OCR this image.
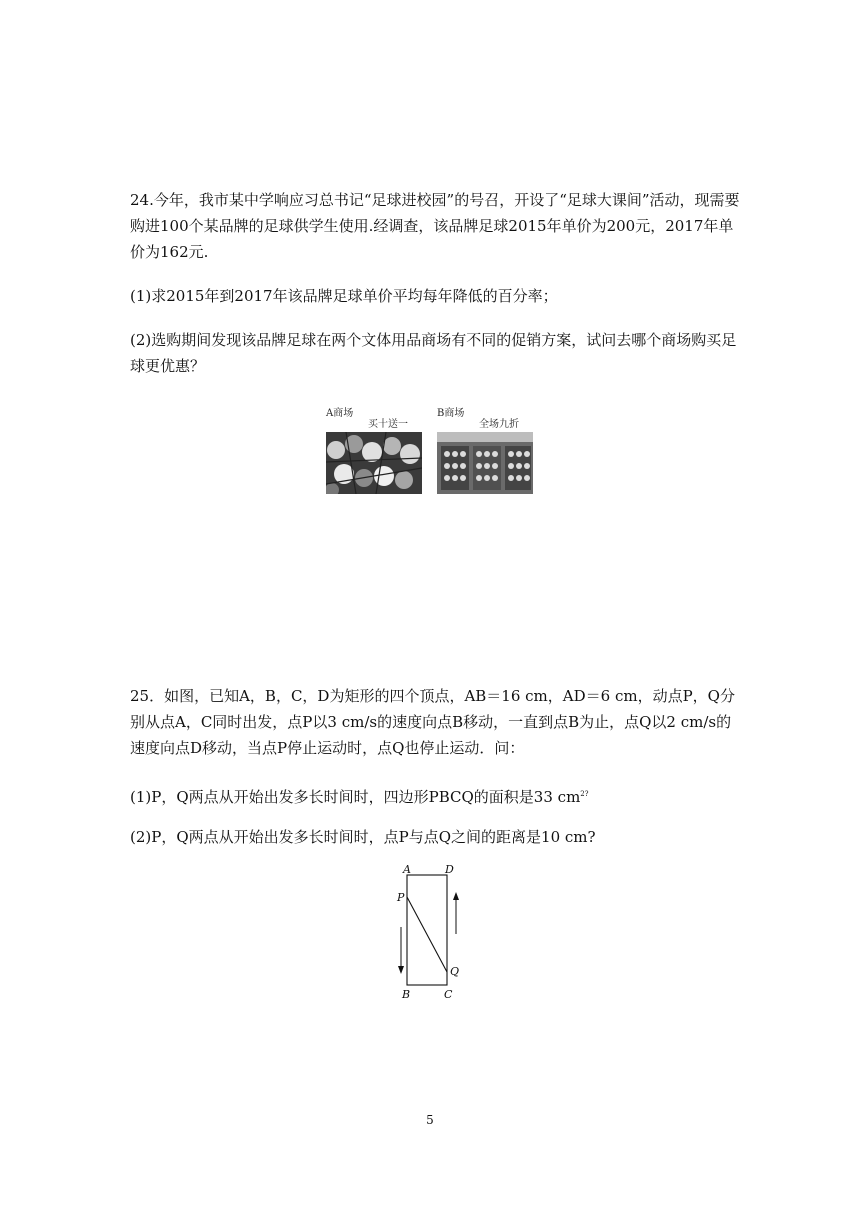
24.今年，我市某中学响应习总书记“足球进校园”的号召，开设了“足球大课间”活动，现需要购进100个某品牌的足球供学生使用.经调查，该品牌足球2015年单价为200元，2017年单价为162元.

(1)求2015年到2017年该品牌足球单价平均每年降低的百分率；

(2)选购期间发现该品牌足球在两个文体用品商场有不同的促销方案，试问去哪个商场购买足球更优惠？

A商场
买十送一
B商场
全场九折

25．如图，已知A，B，C，D为矩形的四个顶点，AB＝16 cm，AD＝6 cm，动点P，Q分别从点A，C同时出发，点P以3 cm/s的速度向点B移动，一直到点B为止，点Q以2 cm/s的速度向点D移动，当点P停止运动时，点Q也停止运动．问：

(1)P，Q两点从开始出发多长时间时，四边形PBCQ的面积是33 $cm^{2?}$

(2)P，Q两点从开始出发多长时间时，点P与点Q之间的距离是10 cm?

A	D
P
Q
B	C
5
